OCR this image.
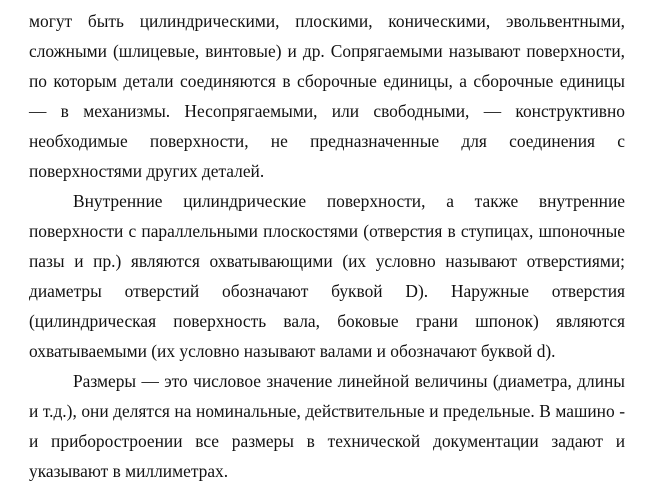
могут быть цилиндрическими, плоскими, коническими, эвольвентными, сложными (шлицевые, винтовые) и др. Сопрягаемыми называют поверхности, по которым детали соединяются в сборочные единицы, а сборочные единицы — в механизмы. Несопрягаемыми, или свободными, — конструктивно необходимые поверхности, не предназначенные для соединения с поверхностями других деталей.

Внутренние цилиндрические поверхности, а также внутренние поверхности с параллельными плоскостями (отверстия в ступицах, шпоночные пазы и пр.) являются охватывающими (их условно называют отверстиями; диаметры отверстий обозначают буквой D). Наружные отверстия (цилиндрическая поверхность вала, боковые грани шпонок) являются охватываемыми (их условно называют валами и обозначают буквой d).

Размеры — это числовое значение линейной величины (диаметра, длины и т.д.), они делятся на номинальные, действительные и предельные. В машино - и приборостроении все размеры в технической документации задают и указывают в миллиметрах.
